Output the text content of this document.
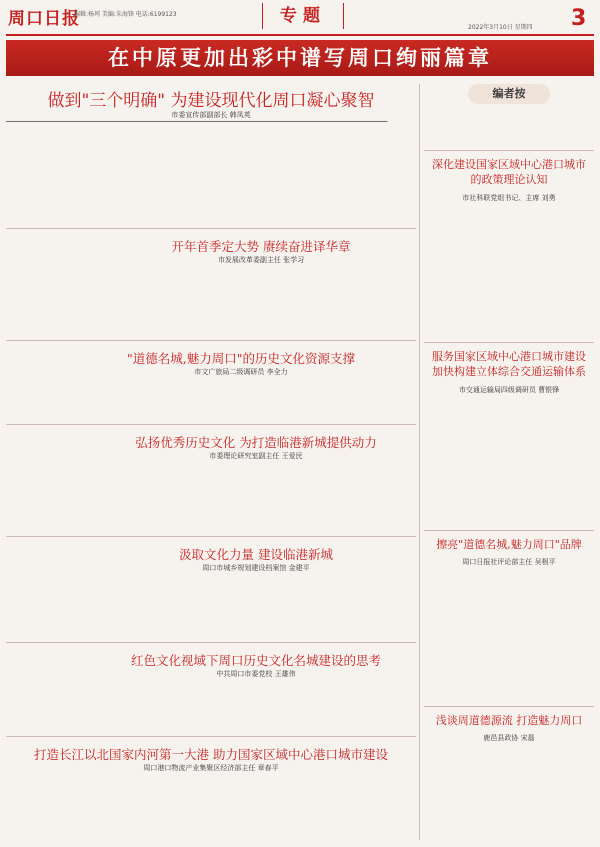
周口日报
编辑:杨珂 美编:朱海锋 电话:6199123	专题
2022年3月10日 星期四 3
在中原更加出彩中谱写周口绚丽篇章
做到"三个明确" 为建设现代化周口凝心聚智
市委宣传部副部长 韩凤英
▔▔▔▔▔▔▔▔▔▔▔▔▔▔▔▔▔▔▔▔▔▔▔▔▔▔▔▔▔▔▔▔▔▔▔▔▔▔▔▔▔▔▔▔▔▔▔▔▔▔▔▔▔▔▔▔▔▔▔▔▔▔▔▔▔▔▔▔▔▔▔▔▔▔▔▔▔▔▔▔▔▔▔▔▔▔▔▔▔▔▔▔
开年首季定大势 赓续奋进译华章
市发展改革委副主任 张学习
"道德名城,魅力周口"的历史文化资源支撑
市文广旅局二级调研员 李全力
弘扬优秀历史文化 为打造临港新城提供动力
市委理论研究室副主任 王爱民
汲取文化力量 建设临港新城
周口市城乡规划建设档案馆 金建平
红色文化视域下周口历史文化名城建设的思考
中共周口市委党校 王雄伟
打造长江以北国家内河第一大港 助力国家区域中心港口城市建设
周口港口物流产业集聚区经济部主任 章春平
编者按
深化建设国家区域中心港口城市的政策理论认知
市社科联党组书记、主席 刘勇
服务国家区域中心港口城市建设 加快构建立体综合交通运输体系
市交通运输局四级调研员 曹银锋
擦亮"道德名城,魅力周口"品牌
周口日报社评论部主任 吴根平
浅谈周道德源流 打造魅力周口
鹿邑县政协 宋磊
